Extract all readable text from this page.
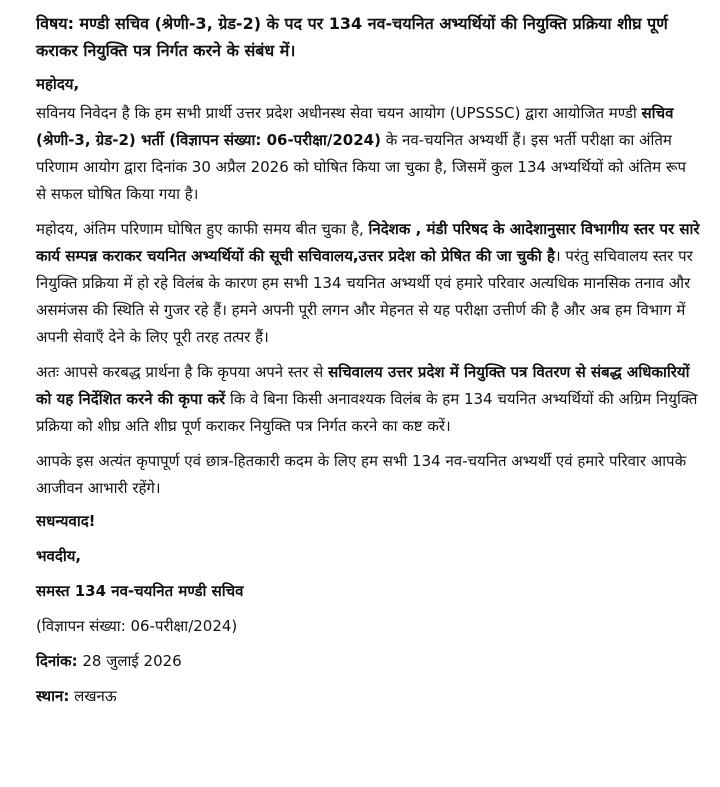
विषय: मण्डी सचिव (श्रेणी-3, ग्रेड-2) के पद पर 134 नव-चयनित अभ्यर्थियों की नियुक्ति प्रक्रिया शीघ्र पूर्ण कराकर नियुक्ति पत्र निर्गत करने के संबंध में।
महोदय,
सविनय निवेदन है कि हम सभी प्रार्थी उत्तर प्रदेश अधीनस्थ सेवा चयन आयोग (UPSSSC) द्वारा आयोजित मण्डी सचिव (श्रेणी-3, ग्रेड-2) भर्ती (विज्ञापन संख्या: 06-परीक्षा/2024) के नव-चयनित अभ्यर्थी हैं। इस भर्ती परीक्षा का अंतिम परिणाम आयोग द्वारा दिनांक 30 अप्रैल 2026 को घोषित किया जा चुका है, जिसमें कुल 134 अभ्यर्थियों को अंतिम रूप से सफल घोषित किया गया है।
महोदय, अंतिम परिणाम घोषित हुए काफी समय बीत चुका है, निदेशक , मंडी परिषद के आदेशानुसार विभागीय स्तर पर सारे कार्य सम्पन्न कराकर चयनित अभ्यर्थियों की सूची सचिवालय,उत्तर प्रदेश को प्रेषित की जा चुकी है। परंतु सचिवालय स्तर पर नियुक्ति प्रक्रिया में हो रहे विलंब के कारण हम सभी 134 चयनित अभ्यर्थी एवं हमारे परिवार अत्यधिक मानसिक तनाव और असमंजस की स्थिति से गुजर रहे हैं। हमने अपनी पूरी लगन और मेहनत से यह परीक्षा उत्तीर्ण की है और अब हम विभाग में अपनी सेवाएँ देने के लिए पूरी तरह तत्पर हैं।
अतः आपसे करबद्ध प्रार्थना है कि कृपया अपने स्तर से सचिवालय उत्तर प्रदेश में नियुक्ति पत्र वितरण से संबद्ध अधिकारियों को यह निर्देशित करने की कृपा करें कि वे बिना किसी अनावश्यक विलंब के हम 134 चयनित अभ्यर्थियों की अग्रिम नियुक्ति प्रक्रिया को शीघ्र अति शीघ्र पूर्ण कराकर नियुक्ति पत्र निर्गत करने का कष्ट करें।
आपके इस अत्यंत कृपापूर्ण एवं छात्र-हितकारी कदम के लिए हम सभी 134 नव-चयनित अभ्यर्थी एवं हमारे परिवार आपके आजीवन आभारी रहेंगे।
सधन्यवाद!
भवदीय,
समस्त 134 नव-चयनित मण्डी सचिव
(विज्ञापन संख्या: 06-परीक्षा/2024)
दिनांक: 28 जुलाई 2026
स्थान: लखनऊ
